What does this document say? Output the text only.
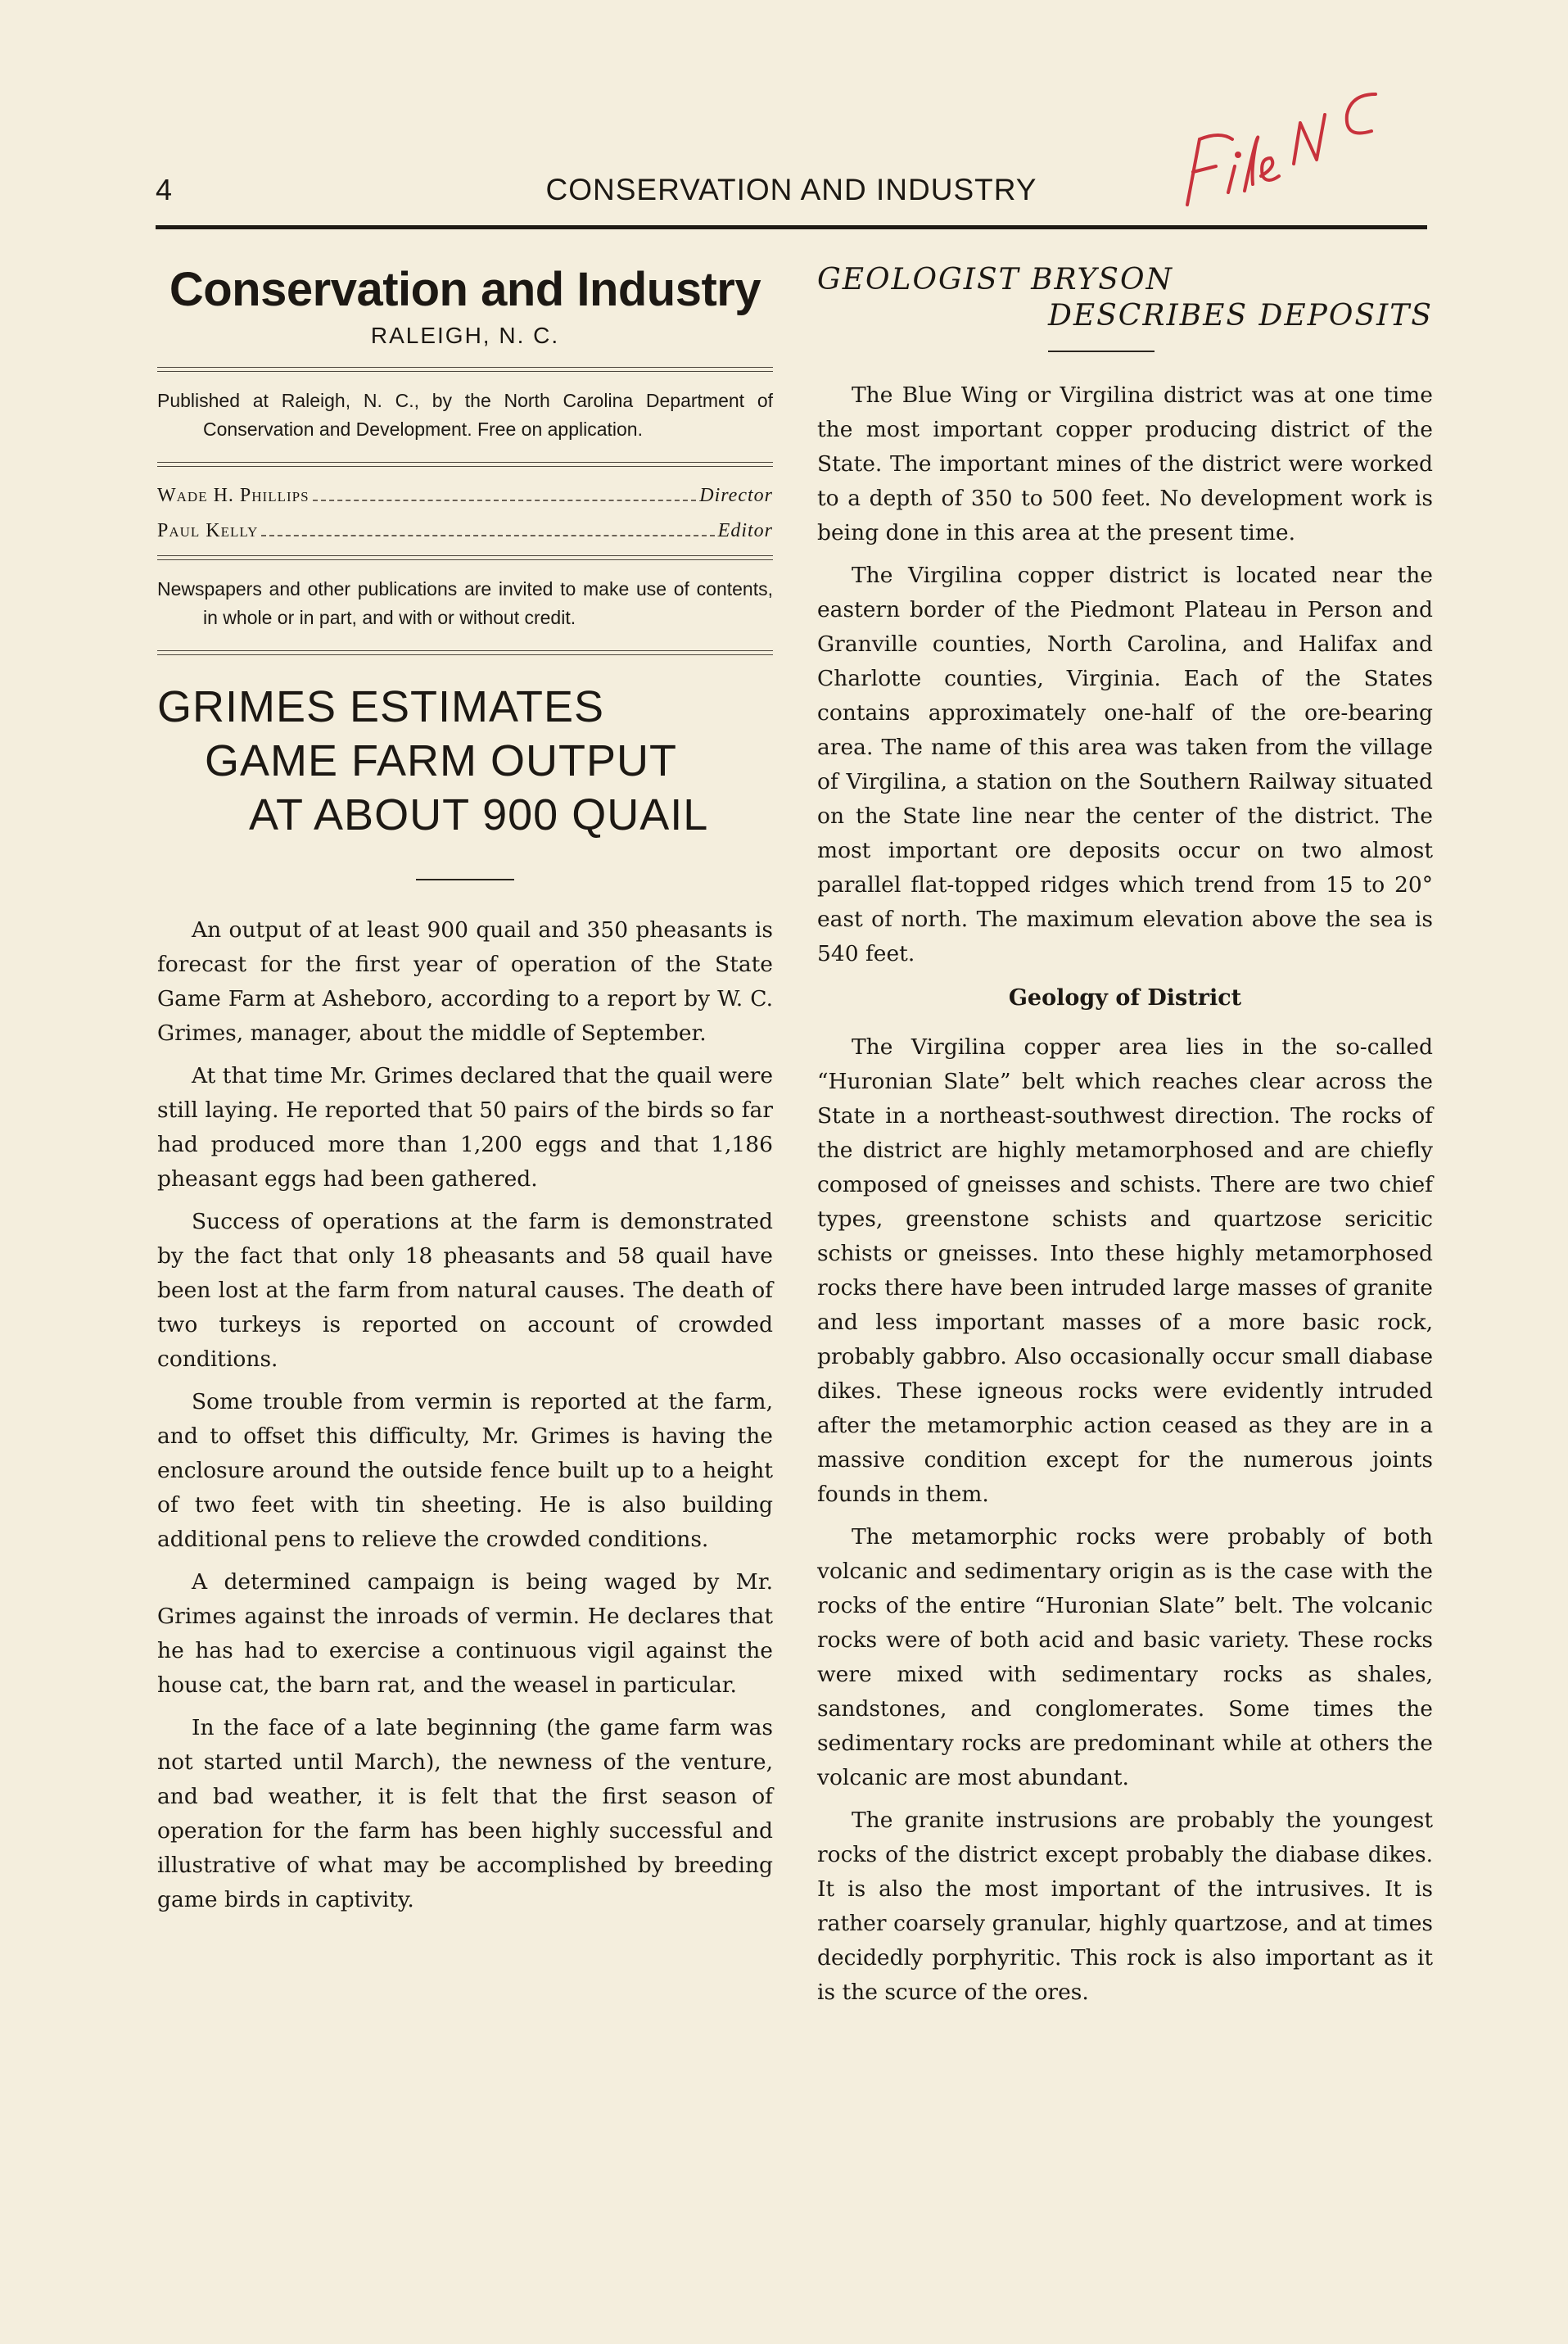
4	CONSERVATION AND INDUSTRY
Conservation and Industry
RALEIGH, N. C.

Published at Raleigh, N. C., by the North Carolina Department of Conservation and Development. Free on application.

Wade H. Phillips	Director
Paul Kelly	Editor

Newspapers and other publications are invited to make use of contents, in whole or in part, and with or without credit.

GRIMES ESTIMATES
GAME FARM OUTPUT
AT ABOUT 900 QUAIL

An output of at least 900 quail and 350 pheasants is forecast for the first year of operation of the State Game Farm at Asheboro, according to a report by W. C. Grimes, manager, about the middle of September.

At that time Mr. Grimes declared that the quail were still laying. He reported that 50 pairs of the birds so far had produced more than 1,200 eggs and that 1,186 pheasant eggs had been gathered.

Success of operations at the farm is demonstrated by the fact that only 18 pheasants and 58 quail have been lost at the farm from natural causes. The death of two turkeys is reported on account of crowded conditions.

Some trouble from vermin is reported at the farm, and to offset this difficulty, Mr. Grimes is having the enclosure around the outside fence built up to a height of two feet with tin sheeting. He is also building additional pens to relieve the crowded conditions.

A determined campaign is being waged by Mr. Grimes against the inroads of vermin. He declares that he has had to exercise a continuous vigil against the house cat, the barn rat, and the weasel in particular.

In the face of a late beginning (the game farm was not started until March), the newness of the venture, and bad weather, it is felt that the first season of operation for the farm has been highly successful and illustrative of what may be accomplished by breeding game birds in captivity.

GEOLOGIST BRYSON
DESCRIBES DEPOSITS

The Blue Wing or Virgilina district was at one time the most important copper producing district of the State. The important mines of the district were worked to a depth of 350 to 500 feet. No development work is being done in this area at the present time.

The Virgilina copper district is located near the eastern border of the Piedmont Plateau in Person and Granville counties, North Carolina, and Halifax and Charlotte counties, Virginia. Each of the States contains approximately one-half of the ore-bearing area. The name of this area was taken from the village of Virgilina, a station on the Southern Railway situated on the State line near the center of the district. The most important ore deposits occur on two almost parallel flat-topped ridges which trend from 15 to 20° east of north. The maximum elevation above the sea is 540 feet.

Geology of District

The Virgilina copper area lies in the so-called “Huronian Slate” belt which reaches clear across the State in a northeast-southwest direction. The rocks of the district are highly metamorphosed and are chiefly composed of gneisses and schists. There are two chief types, greenstone schists and quartzose sericitic schists or gneisses. Into these highly metamorphosed rocks there have been intruded large masses of granite and less important masses of a more basic rock, probably gabbro. Also occasionally occur small diabase dikes. These igneous rocks were evidently intruded after the metamorphic action ceased as they are in a massive condition except for the numerous joints founds in them.

The metamorphic rocks were probably of both volcanic and sedimentary origin as is the case with the rocks of the entire “Huronian Slate” belt. The volcanic rocks were of both acid and basic variety. These rocks were mixed with sedimentary rocks as shales, sandstones, and conglomerates. Some times the sedimentary rocks are predominant while at others the volcanic are most abundant.

The granite instrusions are probably the youngest rocks of the district except probably the diabase dikes. It is also the most important of the intrusives. It is rather coarsely granular, highly quartzose, and at times decidedly porphyritic. This rock is also important as it is the scurce of the ores.
